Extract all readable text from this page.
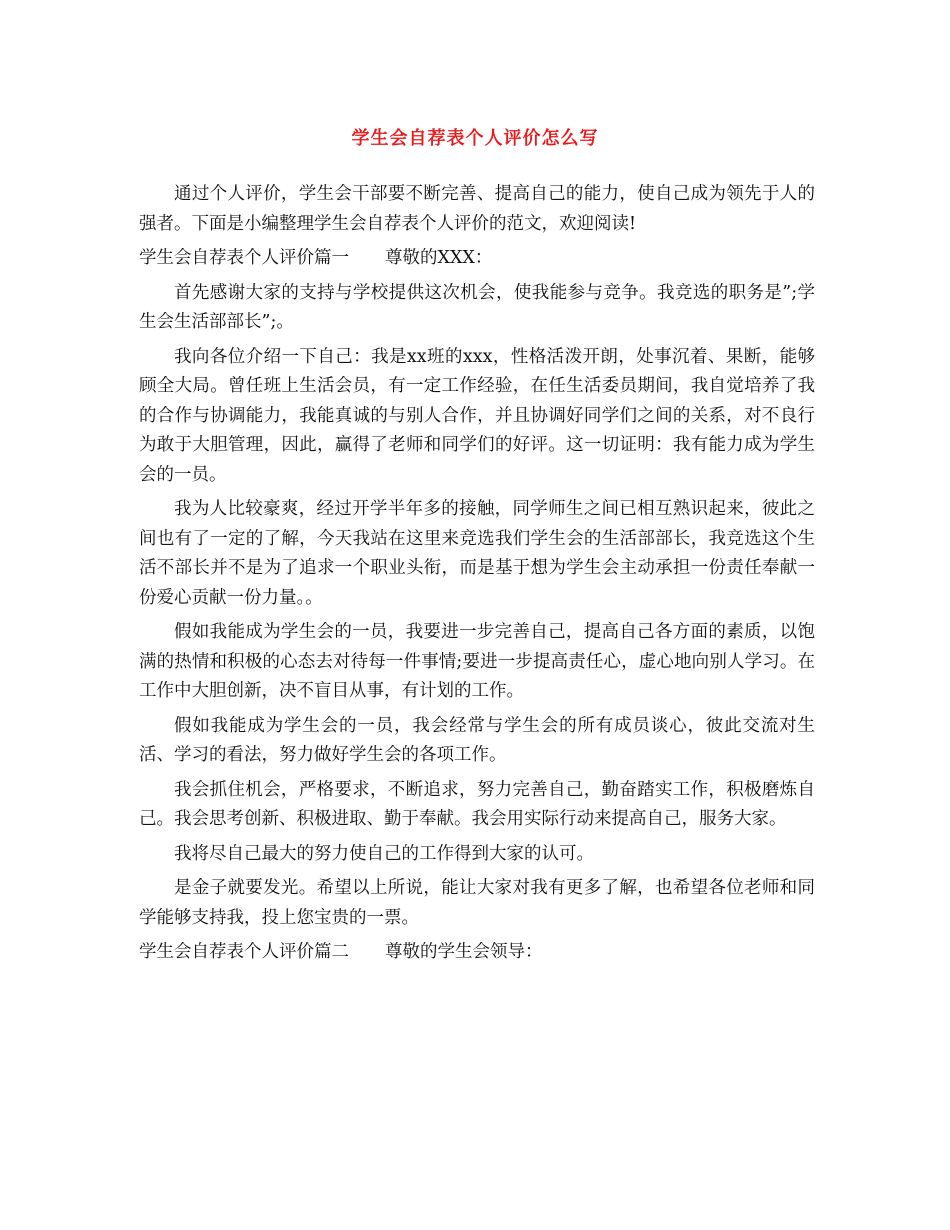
学生会自荐表个人评价怎么写

通过个人评价，学生会干部要不断完善、提高自己的能力，使自己成为领先于人的强者。下面是小编整理学生会自荐表个人评价的范文，欢迎阅读!

学生会自荐表个人评价篇一 尊敬的XXX：

首先感谢大家的支持与学校提供这次机会，使我能参与竞争。我竞选的职务是”;学生会生活部部长”;。

我向各位介绍一下自己：我是xx班的xxx，性格活泼开朗，处事沉着、果断，能够顾全大局。曾任班上生活会员，有一定工作经验，在任生活委员期间，我自觉培养了我的合作与协调能力，我能真诚的与别人合作，并且协调好同学们之间的关系，对不良行为敢于大胆管理，因此，赢得了老师和同学们的好评。这一切证明：我有能力成为学生会的一员。

我为人比较豪爽，经过开学半年多的接触，同学师生之间已相互熟识起来，彼此之间也有了一定的了解，今天我站在这里来竞选我们学生会的生活部部长，我竞选这个生活不部长并不是为了追求一个职业头衔，而是基于想为学生会主动承担一份责任奉献一份爱心贡献一份力量。。

假如我能成为学生会的一员，我要进一步完善自己，提高自己各方面的素质，以饱满的热情和积极的心态去对待每一件事情;要进一步提高责任心，虚心地向别人学习。在工作中大胆创新，决不盲目从事，有计划的工作。

假如我能成为学生会的一员，我会经常与学生会的所有成员谈心，彼此交流对生活、学习的看法，努力做好学生会的各项工作。

我会抓住机会，严格要求，不断追求，努力完善自己，勤奋踏实工作，积极磨炼自己。我会思考创新、积极进取、勤于奉献。我会用实际行动来提高自己，服务大家。

我将尽自己最大的努力使自己的工作得到大家的认可。

是金子就要发光。希望以上所说，能让大家对我有更多了解，也希望各位老师和同学能够支持我，投上您宝贵的一票。

学生会自荐表个人评价篇二 尊敬的学生会领导：
